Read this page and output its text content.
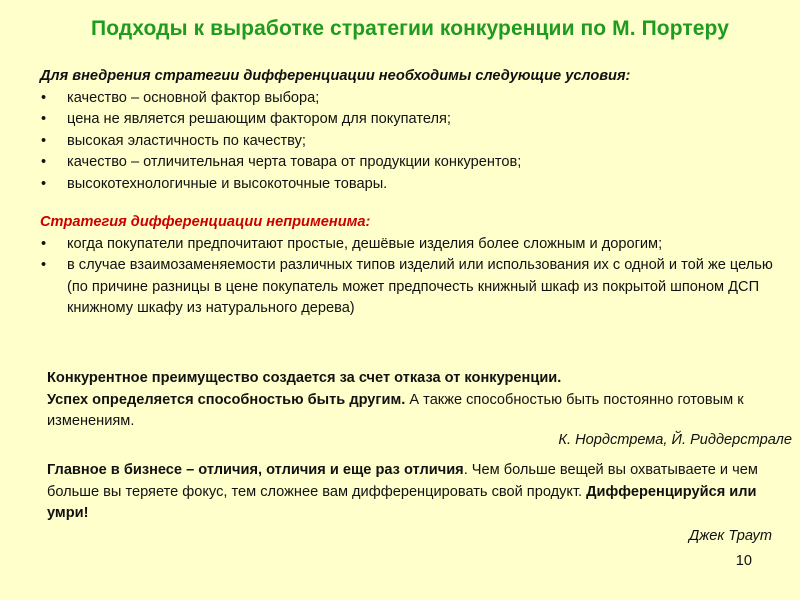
Подходы к выработке стратегии конкуренции по М. Портеру
Для внедрения стратегии дифференциации необходимы следующие условия:
• качество – основной фактор выбора;
• цена не является решающим фактором для покупателя;
• высокая эластичность по качеству;
• качество – отличительная черта товара от продукции конкурентов;
• высокотехнологичные и высокоточные товары.
Стратегия дифференциации неприменима:
• когда покупатели предпочитают простые, дешёвые изделия более сложным и дорогим;
• в случае взаимозаменяемости различных типов изделий или использования их с одной и той же целью (по причине разницы в цене покупатель может предпочесть книжный шкаф из покрытой шпоном ДСП книжному шкафу из натурального дерева)
Конкурентное преимущество создается за счет отказа от конкуренции.
Успех определяется способностью быть другим. А также способностью быть постоянно готовым к изменениям.
К. Нордстрема, Й. Риддерстрале
Главное в бизнесе – отличия, отличия и еще раз отличия. Чем больше вещей вы охватываете и чем больше вы теряете фокус, тем сложнее вам дифференцировать свой продукт. Дифференцируйся или умри!
Джек Траут
10
